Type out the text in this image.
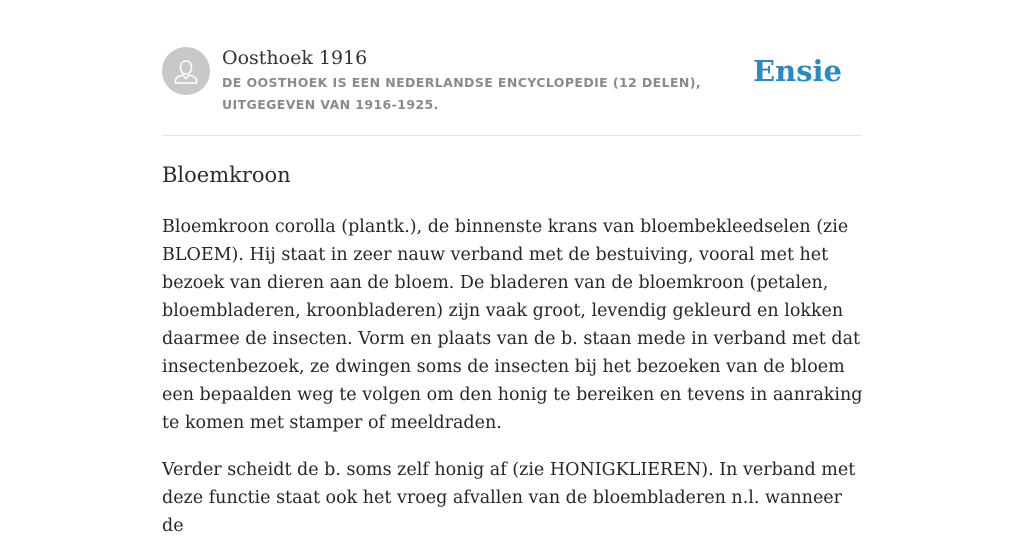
Oosthoek 1916
DE OOSTHOEK IS EEN NEDERLANDSE ENCYCLOPEDIE (12 DELEN), UITGEGEVEN VAN 1916-1925.
Ensie
Bloemkroon

Bloemkroon corolla (plantk.), de binnenste krans van bloembekleedselen (zie BLOEM). Hij staat in zeer nauw verband met de bestuiving, vooral met het bezoek van dieren aan de bloem. De bladeren van de bloemkroon (petalen, bloembladeren, kroonbladeren) zijn vaak groot, levendig gekleurd en lokken daarmee de insecten. Vorm en plaats van de b. staan mede in verband met dat insectenbezoek, ze dwingen soms de insecten bij het bezoeken van de bloem een bepaalden weg te volgen om den honig te bereiken en tevens in aanraking te komen met stamper of meeldraden.

Verder scheidt de b. soms zelf honig af (zie HONIGKLIEREN). In verband met deze functie staat ook het vroeg afvallen van de bloembladeren n.l. wanneer de
